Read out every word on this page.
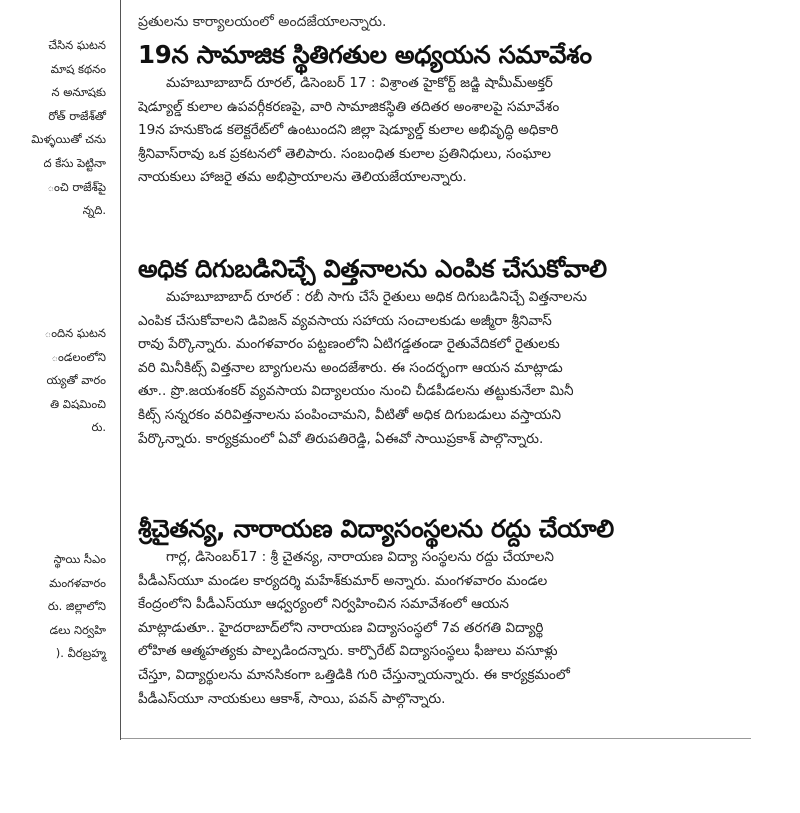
చేసిన ఘటన
మాష కథనం
న అనూషకు
రోత్ రాజేశ్‌తో
మిళ్ళయితో చను
ద కేసు పెట్టినా
ంచి రాజేశ్‌పై
న్నది.
ందిన ఘటన
ండలంలోని
య్యతో వారం
తి విషమించి
రు.
స్థాయి సీఎం
మంగళవారం
రు. జిల్లాలోని
డలు నిర్వహి
). వీరబ్రహ్మ
ప్రతులను కార్యాలయంలో అందజేయాలన్నారు.
19న సామాజిక స్థితిగతుల అధ్యయన సమావేశం
మహబూబాబాద్ రూరల్, డిసెంబర్ 17 : విశ్రాంత హైకోర్ట్ జడ్జి షామీమ్‌అక్తర్
షెడ్యూల్డ్ కులాల ఉపవర్గీకరణపై, వారి సామాజికస్థితి తదితర అంశాలపై సమావేశం
19న హనుకొండ కలెక్టరేట్‌లో ఉంటుందని జిల్లా షెడ్యూల్డ్ కులాల అభివృద్ధి అధికారి
శ్రీనివాస్‌రావు ఒక ప్రకటనలో తెలిపారు. సంబంధిత కులాల ప్రతినిధులు, సంఘాల
నాయకులు హాజరై తమ అభిప్రాయాలను తెలియజేయాలన్నారు.
అధిక దిగుబడినిచ్చే విత్తనాలను ఎంపిక చేసుకోవాలి
మహబూబాబాద్ రూరల్ : రబీ సాగు చేసే రైతులు అధిక దిగుబడినిచ్చే విత్తనాలను
ఎంపిక చేసుకోవాలని డివిజన్ వ్యవసాయ సహాయ సంచాలకుడు అజ్మీరా శ్రీనివాస్
రావు పేర్కొన్నారు. మంగళవారం పట్టణంలోని ఏటిగడ్డతండా రైతువేదికలో రైతులకు
వరి మినీకిట్స్ విత్తనాల బ్యాగులను అందజేశారు. ఈ సందర్భంగా ఆయన మాట్లాడు
తూ.. ప్రొ.జయశంకర్ వ్యవసాయ విద్యాలయం నుంచి చీడపీడలను తట్టుకునేలా మినీ
కిట్స్ సన్నరకం వరివిత్తనాలను పంపించామని, వీటితో అధిక దిగుబడులు వస్తాయని
పేర్కొన్నారు. కార్యక్రమంలో ఏవో తిరుపతిరెడ్డి, ఏఈవో సాయిప్రకాశ్ పాల్గొన్నారు.
శ్రీచైతన్య, నారాయణ విద్యాసంస్థలను రద్దు చేయాలి
గార్ల, డిసెంబర్17 : శ్రీ చైతన్య, నారాయణ విద్యా సంస్థలను రద్దు చేయాలని
పీడీఎస్‌యూ మండల కార్యదర్శి మహేశ్‌కుమార్ అన్నారు. మంగళవారం మండల
కేంద్రంలోని పీడీఎస్‌యూ ఆధ్వర్యంలో నిర్వహించిన సమావేశంలో ఆయన
మాట్లాడుతూ.. హైదరాబాద్‌లోని నారాయణ విద్యాసంస్థలో 7వ తరగతి విద్యార్థి
లోహిత ఆత్మహత్యకు పాల్పడిందన్నారు. కార్పొరేట్ విద్యాసంస్థలు ఫీజులు వసూళ్లు
చేస్తూ, విద్యార్థులను మానసికంగా ఒత్తిడికి గురి చేస్తున్నాయన్నారు. ఈ కార్యక్రమంలో
పీడీఎస్‌యూ నాయకులు ఆకాశ్, సాయి, పవన్ పాల్గొన్నారు.
